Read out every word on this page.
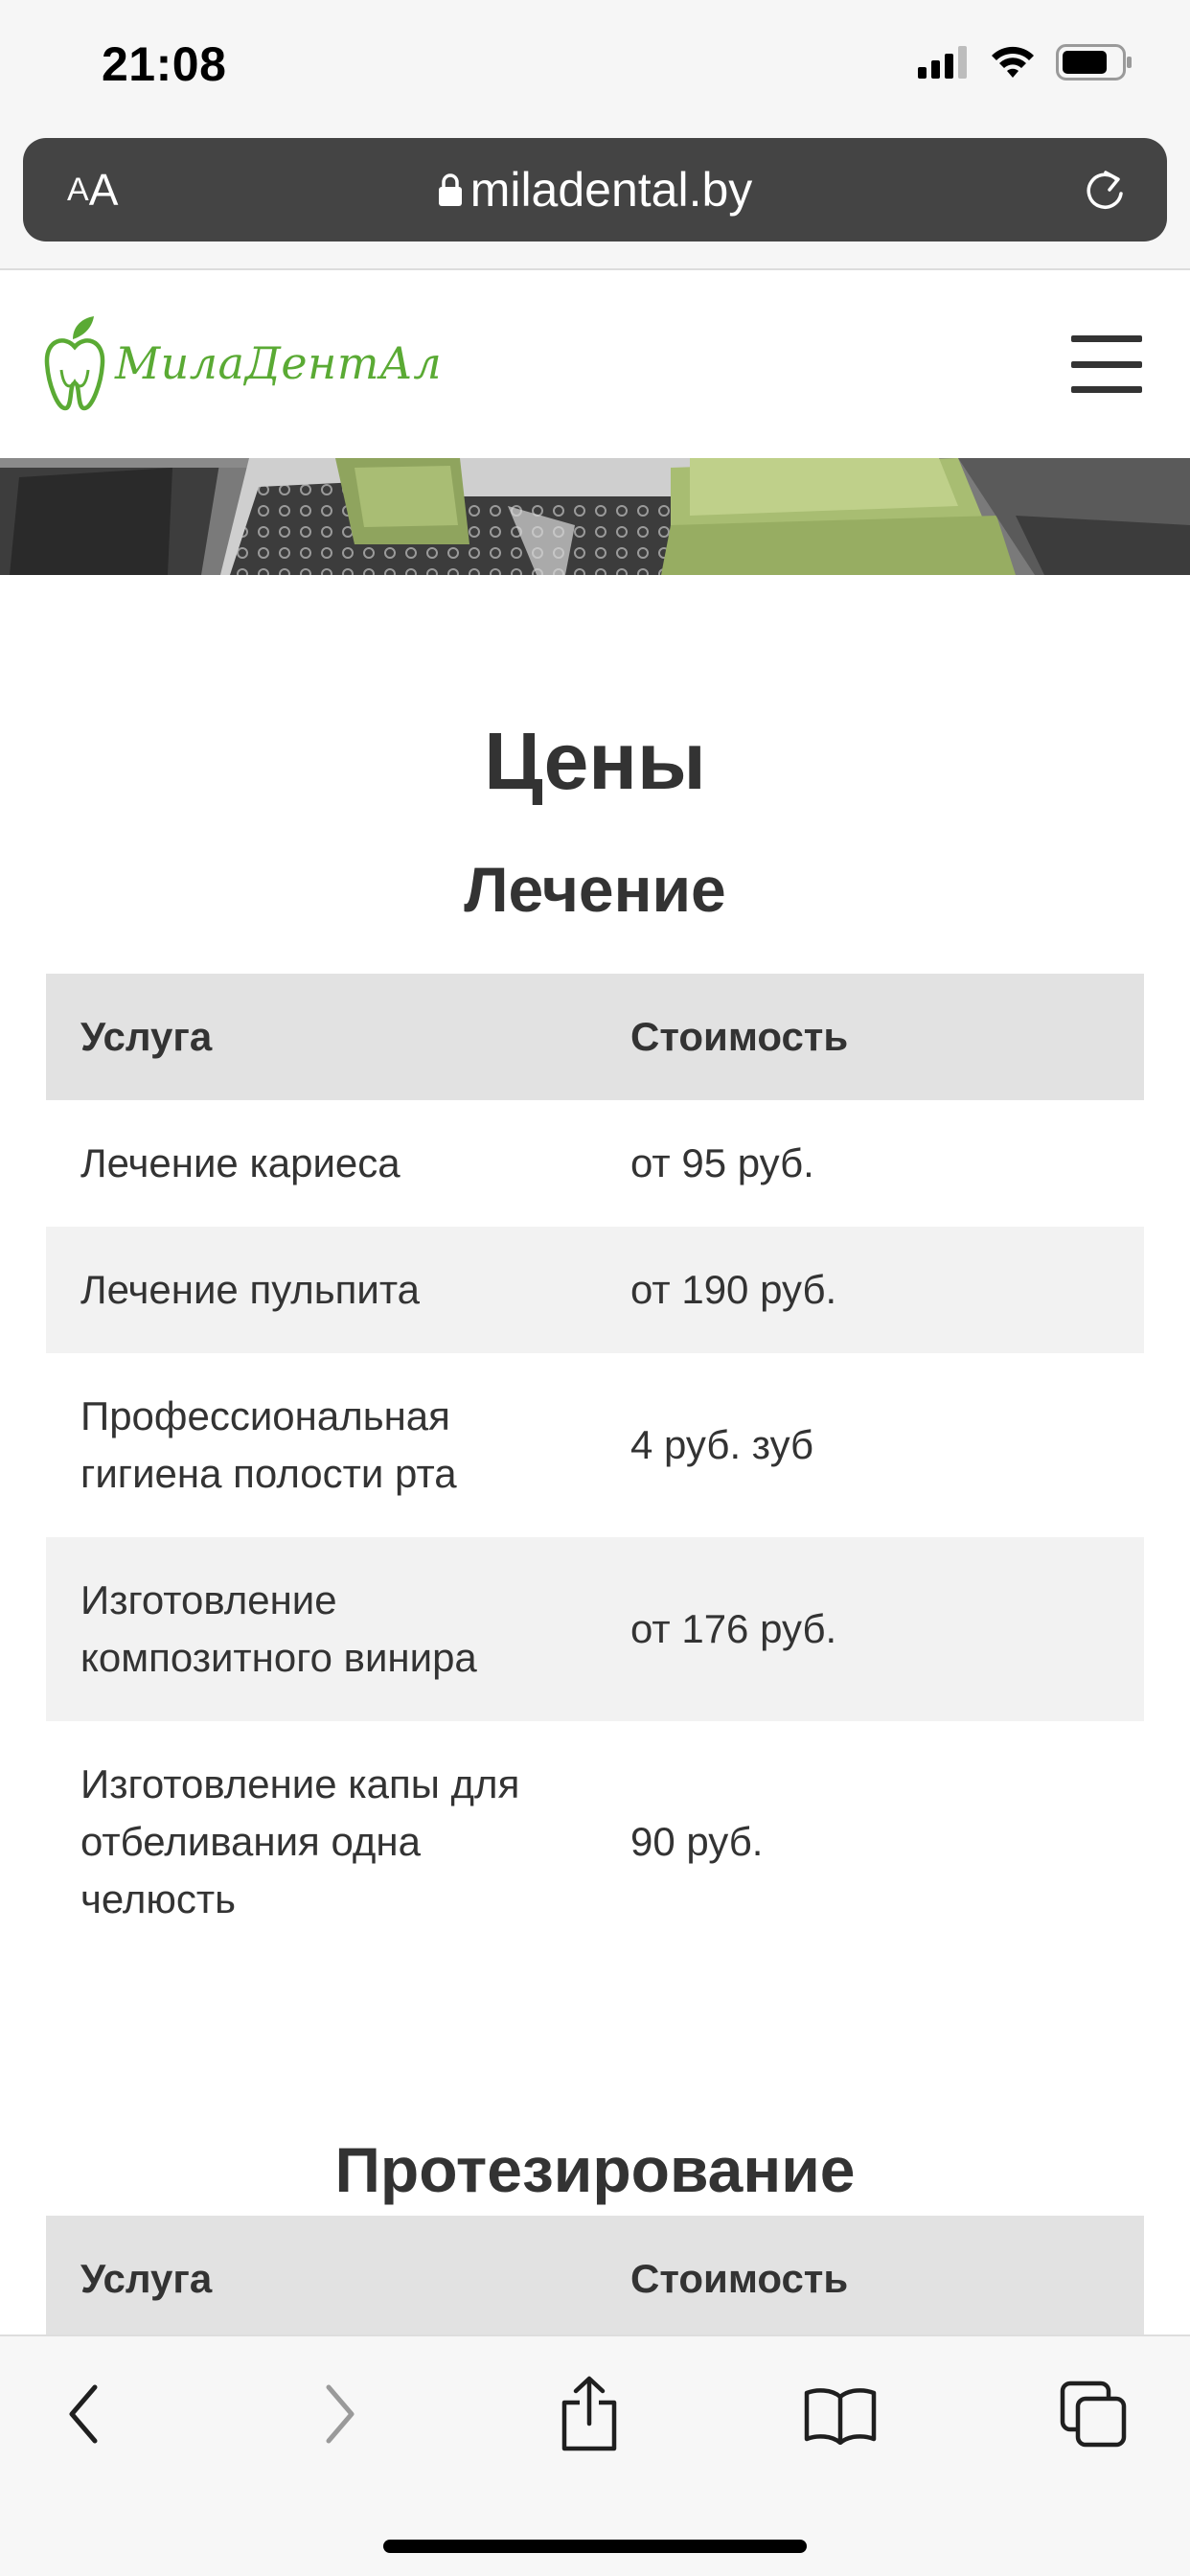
21:08
A A	miladental.by
МилаДентАл
Цены
Лечение
Услуга	Стоимость
Лечение кариеса	от 95 руб.
Лечение пульпита	от 190 руб.
Профессиональная гигиена полости рта	4 руб. зуб
Изготовление композитного винира	от 176 руб.
Изготовление капы для отбеливания одна челюсть	90 руб.
Протезирование
Услуга	Стоимость
